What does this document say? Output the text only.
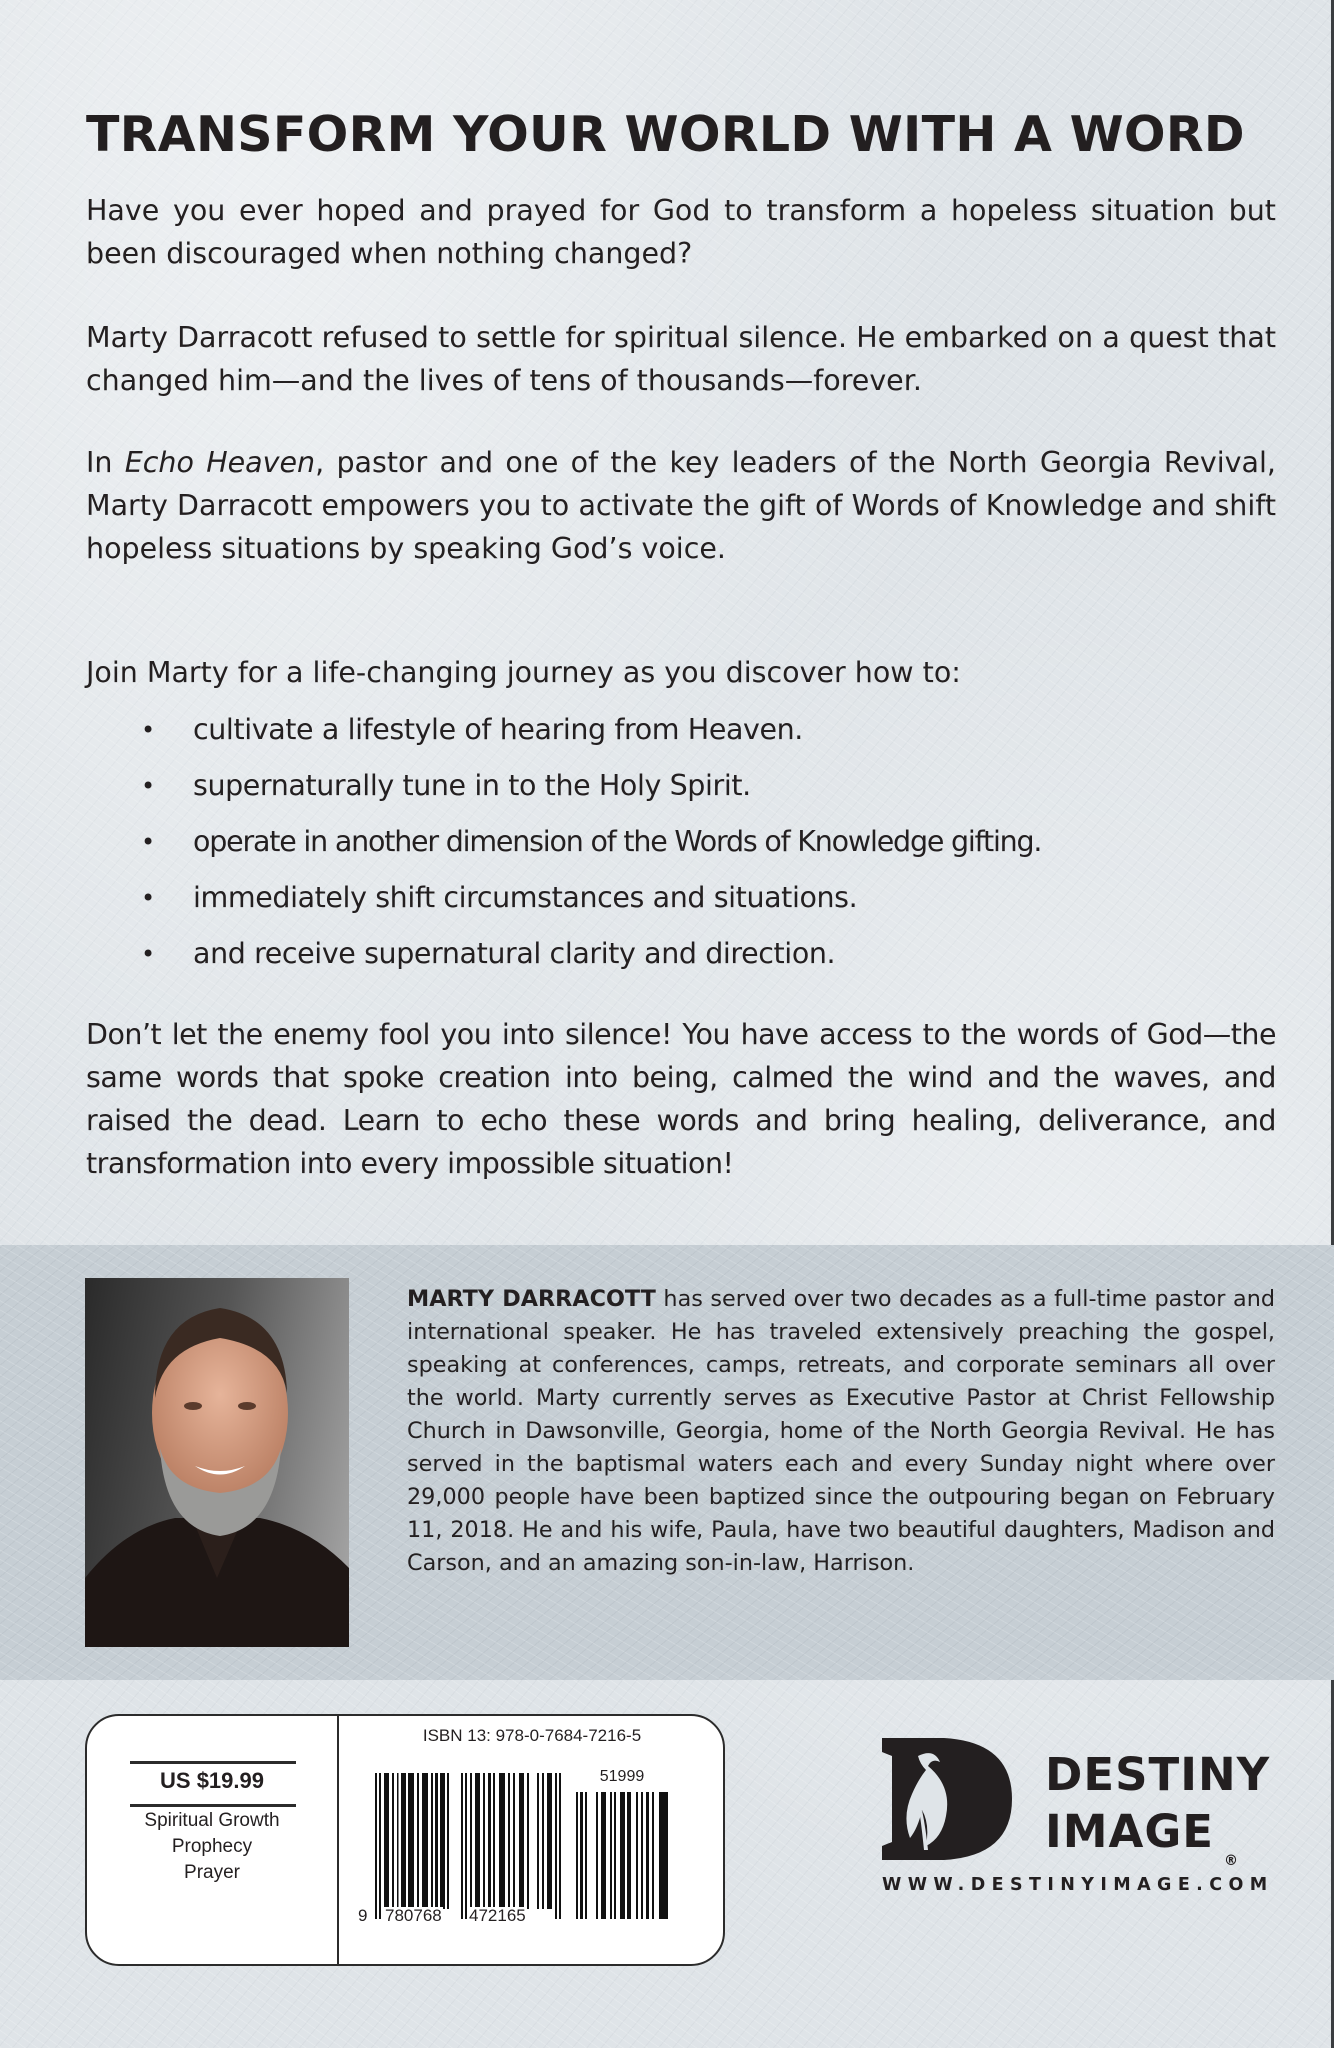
TRANSFORM YOUR WORLD WITH A WORD

Have you ever hoped and prayed for God to transform a hopeless situation but been discouraged when nothing changed?

Marty Darracott refused to settle for spiritual silence. He embarked on a quest that changed him—and the lives of tens of thousands—forever.

In Echo Heaven, pastor and one of the key leaders of the North Georgia Revival, Marty Darracott empowers you to activate the gift of Words of Knowledge and shift hopeless situations by speaking God’s voice.

Join Marty for a life-changing journey as you discover how to:

• cultivate a lifestyle of hearing from Heaven.
• supernaturally tune in to the Holy Spirit.
• operate in another dimension of the Words of Knowledge gifting.
• immediately shift circumstances and situations.
• and receive supernatural clarity and direction.

Don’t let the enemy fool you into silence! You have access to the words of God—the same words that spoke creation into being, calmed the wind and the waves, and raised the dead. Learn to echo these words and bring healing, deliverance, and transformation into every impossible situation!

MARTY DARRACOTT has served over two decades as a full-time pastor and international speaker. He has traveled extensively preaching the gospel, speaking at conferences, camps, retreats, and corporate seminars all over the world. Marty currently serves as Executive Pastor at Christ Fellowship Church in Dawsonville, Georgia, home of the North Georgia Revival. He has served in the baptismal waters each and every Sunday night where over 29,000 people have been baptized since the outpouring began on February 11, 2018. He and his wife, Paula, have two beautiful daughters, Madison and Carson, and an amazing son-in-law, Harrison.

US $19.99
Spiritual Growth
Prophecy
Prayer
ISBN 13: 978-0-7684-7216-5
9 780768 472165
51999	DESTINY
IMAGE
®
WWW.DESTINYIMAGE.COM
